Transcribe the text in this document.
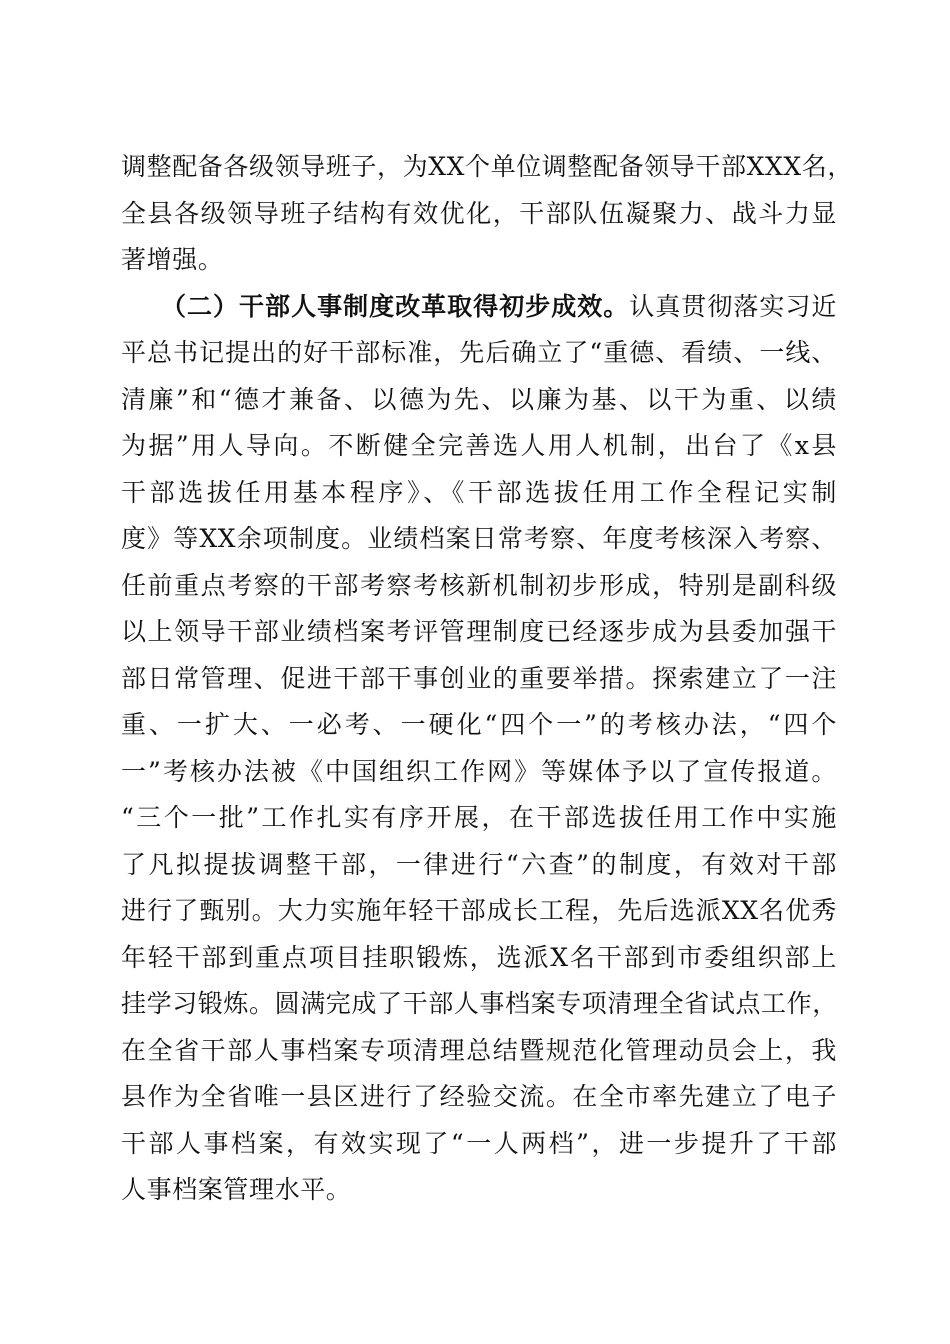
调整配备各级领导班子，为XX个单位调整配备领导干部XXX名，
全县各级领导班子结构有效优化，干部队伍凝聚力、战斗力显
著增强。
（二）干部人事制度改革取得初步成效。认真贯彻落实习近
平总书记提出的好干部标准，先后确立了“重德、看绩、一线、
清廉”和“德才兼备、以德为先、以廉为基、以干为重、以绩
为据”用人导向。不断健全完善选人用人机制，出台了《x县
干部选拔任用基本程序》、《干部选拔任用工作全程记实制
度》等XX余项制度。业绩档案日常考察、年度考核深入考察、
任前重点考察的干部考察考核新机制初步形成，特别是副科级
以上领导干部业绩档案考评管理制度已经逐步成为县委加强干
部日常管理、促进干部干事创业的重要举措。探索建立了一注
重、一扩大、一必考、一硬化“四个一”的考核办法，“四个
一”考核办法被《中国组织工作网》等媒体予以了宣传报道。
“三个一批”工作扎实有序开展，在干部选拔任用工作中实施
了凡拟提拔调整干部，一律进行“六查”的制度，有效对干部
进行了甄别。大力实施年轻干部成长工程，先后选派XX名优秀
年轻干部到重点项目挂职锻炼，选派X名干部到市委组织部上
挂学习锻炼。圆满完成了干部人事档案专项清理全省试点工作，
在全省干部人事档案专项清理总结暨规范化管理动员会上，我
县作为全省唯一县区进行了经验交流。在全市率先建立了电子
干部人事档案，有效实现了“一人两档”，进一步提升了干部
人事档案管理水平。
